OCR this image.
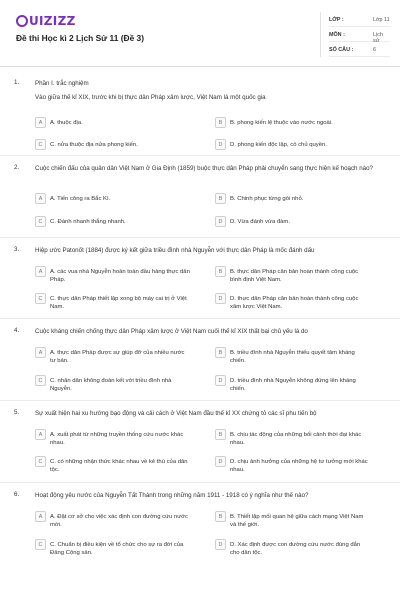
UIZIZZ
Đề thi Học kì 2 Lịch Sử 11 (Đề 3)
LỚP :	Lớp 11
MÔN :	Lịch sử
SỐ CÂU :	6
1.	Phần I. trắc nghiệm
Vào giữa thế kỉ XIX, trước khi bị thực dân Pháp xâm lược, Việt Nam là một quốc gia
A	A. thuộc địa.	B	B. phong kiến lệ thuộc vào nước ngoài.
C	C. nửa thuộc địa nửa phong kiến.	D	D. phong kiến độc lập, có chủ quyền.
2.	Cuộc chiến đấu của quân dân Việt Nam ở Gia Định (1859) buộc thực dân Pháp phải chuyển sang thực hiện kế hoạch nào?
A	A. Tiến công ra Bắc Kì.	B	B. Chinh phục từng gói nhỏ.
C	C. Đánh nhanh thắng nhanh.	D	D. Vừa đánh vừa đàm.
3.	Hiệp ước Patonốt (1884) được ký kết giữa triều đình nhà Nguyễn với thực dân Pháp là mốc đánh dấu
A	A. các vua nhà Nguyễn hoàn toàn đầu hàng thực dân Pháp.
B	B. thực dân Pháp căn bản hoàn thành công cuộc bình định Việt Nam.
C	C. thực dân Pháp thiết lập xong bộ máy cai trị ở Việt Nam.
D	D. thực dân Pháp căn bản hoàn thành công cuộc xâm lược Việt Nam.
4.	Cuộc kháng chiến chống thực dân Pháp xâm lược ở Việt Nam cuối thế kỉ XIX thất bại chủ yếu là do
A	A. thực dân Pháp được sự giúp đỡ của nhiều nước tư bản.
B	B. triều đình nhà Nguyễn thiếu quyết tâm kháng chiến.
C	C. nhân dân không đoàn kết với triều đình nhà Nguyễn.
D	D. triều đình nhà Nguyễn không đứng lên kháng chiến.
5.	Sự xuất hiện hai xu hướng bạo động và cải cách ở Việt Nam đầu thế kỉ XX chứng tỏ các sĩ phu tiến bộ
A	A. xuất phát từ những truyền thống cứu nước khác nhau.
B	B. chịu tác động của những bối cảnh thời đại khác nhau.
C	C. có những nhận thức khác nhau về kẻ thù của dân tộc.
D	D. chịu ảnh hưởng của những hệ tư tưởng mới khác nhau.
6.	Hoạt động yêu nước của Nguyễn Tất Thành trong những năm 1911 - 1918 có ý nghĩa như thế nào?
A	A. Đặt cơ sở cho việc xác định con đường cứu nước mới.
B	B. Thiết lập mối quan hệ giữa cách mạng Việt Nam và thế giới.
C	C. Chuẩn bị điều kiện về tổ chức cho sự ra đời của Đảng Cộng sản.
D	D. Xác định được con đường cứu nước đúng đắn cho dân tộc.
